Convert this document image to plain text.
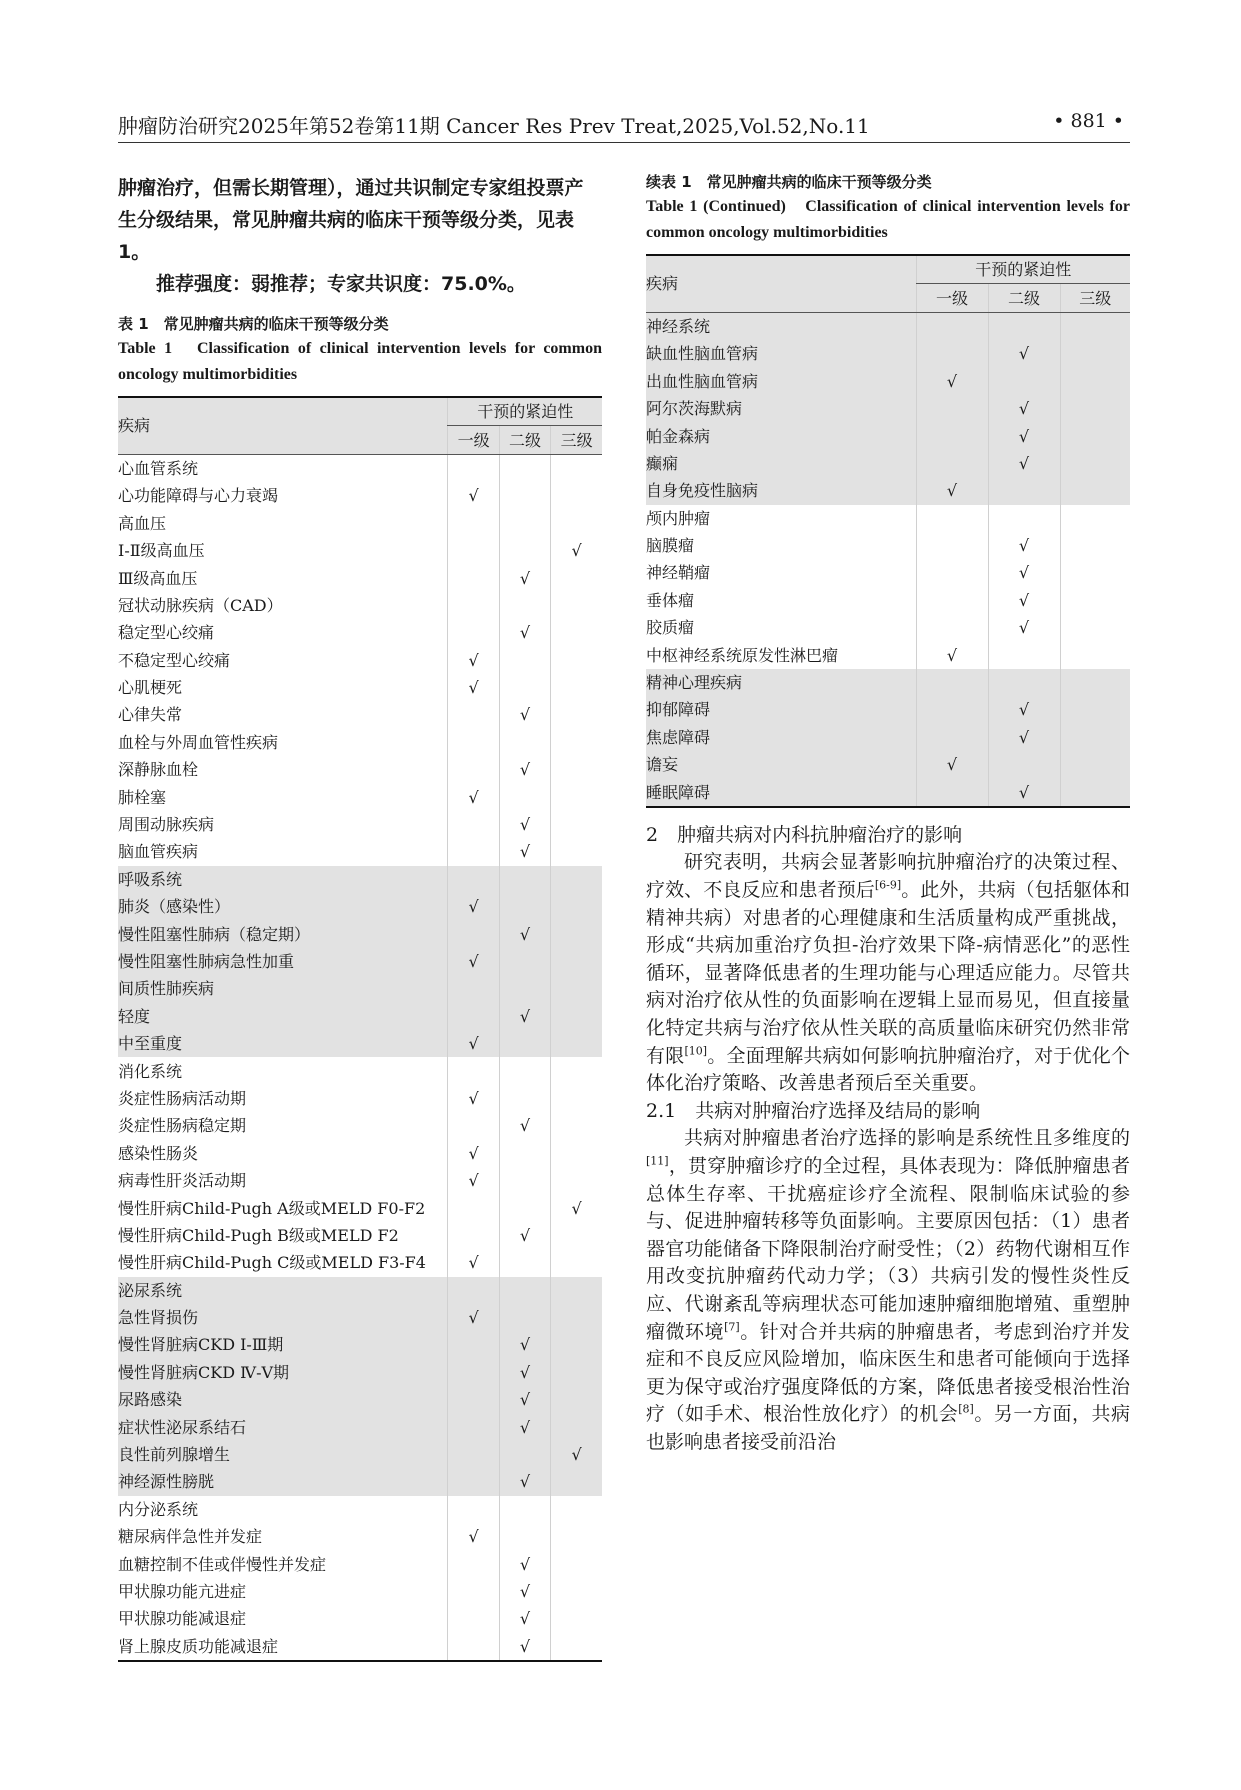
肿瘤防治研究2025年第52卷第11期 Cancer Res Prev Treat,2025,Vol.52,No.11	• 881 •

肿瘤治疗，但需长期管理），通过共识制定专家组投票产生分级结果，常见肿瘤共病的临床干预等级分类，见表1。

推荐强度：弱推荐；专家共识度：75.0%。

表 1　常见肿瘤共病的临床干预等级分类
Table 1　Classification of clinical intervention levels for common oncology multimorbidities
疾病	干预的紧迫性		
	一级	二级	三级
心血管系统			
心功能障碍与心力衰竭	√		
高血压			
Ⅰ-Ⅱ级高血压			√
Ⅲ级高血压		√	
冠状动脉疾病（CAD）			
稳定型心绞痛		√	
不稳定型心绞痛	√		
心肌梗死	√		
心律失常		√	
血栓与外周血管性疾病			
深静脉血栓		√	
肺栓塞	√		
周围动脉疾病		√	
脑血管疾病		√	
呼吸系统			
肺炎（感染性）	√		
慢性阻塞性肺病（稳定期）		√	
慢性阻塞性肺病急性加重	√		
间质性肺疾病			
轻度		√	
中至重度	√		
消化系统			
炎症性肠病活动期	√		
炎症性肠病稳定期		√	
感染性肠炎	√		
病毒性肝炎活动期	√		
慢性肝病Child-Pugh A级或MELD F0-F2			√
慢性肝病Child-Pugh B级或MELD F2		√	
慢性肝病Child-Pugh C级或MELD F3-F4	√		
泌尿系统			
急性肾损伤	√		
慢性肾脏病CKD Ⅰ-Ⅲ期		√	
慢性肾脏病CKD Ⅳ-Ⅴ期		√	
尿路感染		√	
症状性泌尿系结石		√	
良性前列腺增生			√
神经源性膀胱		√	
内分泌系统			
糖尿病伴急性并发症	√		
血糖控制不佳或伴慢性并发症		√	
甲状腺功能亢进症		√	
甲状腺功能减退症		√	
肾上腺皮质功能减退症		√	
续表 1　常见肿瘤共病的临床干预等级分类
Table 1 (Continued)　Classification of clinical intervention levels for common oncology multimorbidities
疾病	干预的紧迫性		
	一级	二级	三级
神经系统			
缺血性脑血管病		√	
出血性脑血管病	√		
阿尔茨海默病		√	
帕金森病		√	
癫痫		√	
自身免疫性脑病	√		
颅内肿瘤			
脑膜瘤		√	
神经鞘瘤		√	
垂体瘤		√	
胶质瘤		√	
中枢神经系统原发性淋巴瘤	√		
精神心理疾病			
抑郁障碍		√	
焦虑障碍		√	
谵妄	√		
睡眠障碍		√	
2　肿瘤共病对内科抗肿瘤治疗的影响

研究表明，共病会显著影响抗肿瘤治疗的决策过程、疗效、不良反应和患者预后[6-9]。此外，共病（包括躯体和精神共病）对患者的心理健康和生活质量构成严重挑战，形成“共病加重治疗负担-治疗效果下降-病情恶化”的恶性循环，显著降低患者的生理功能与心理适应能力。尽管共病对治疗依从性的负面影响在逻辑上显而易见，但直接量化特定共病与治疗依从性关联的高质量临床研究仍然非常有限[10]。全面理解共病如何影响抗肿瘤治疗，对于优化个体化治疗策略、改善患者预后至关重要。

2.1　共病对肿瘤治疗选择及结局的影响

共病对肿瘤患者治疗选择的影响是系统性且多维度的[11]，贯穿肿瘤诊疗的全过程，具体表现为：降低肿瘤患者总体生存率、干扰癌症诊疗全流程、限制临床试验的参与、促进肿瘤转移等负面影响。主要原因包括：（1）患者器官功能储备下降限制治疗耐受性；（2）药物代谢相互作用改变抗肿瘤药代动力学；（3）共病引发的慢性炎性反应、代谢紊乱等病理状态可能加速肿瘤细胞增殖、重塑肿瘤微环境[7]。针对合并共病的肿瘤患者，考虑到治疗并发症和不良反应风险增加，临床医生和患者可能倾向于选择更为保守或治疗强度降低的方案，降低患者接受根治性治疗（如手术、根治性放化疗）的机会[8]。另一方面，共病也影响患者接受前沿治
